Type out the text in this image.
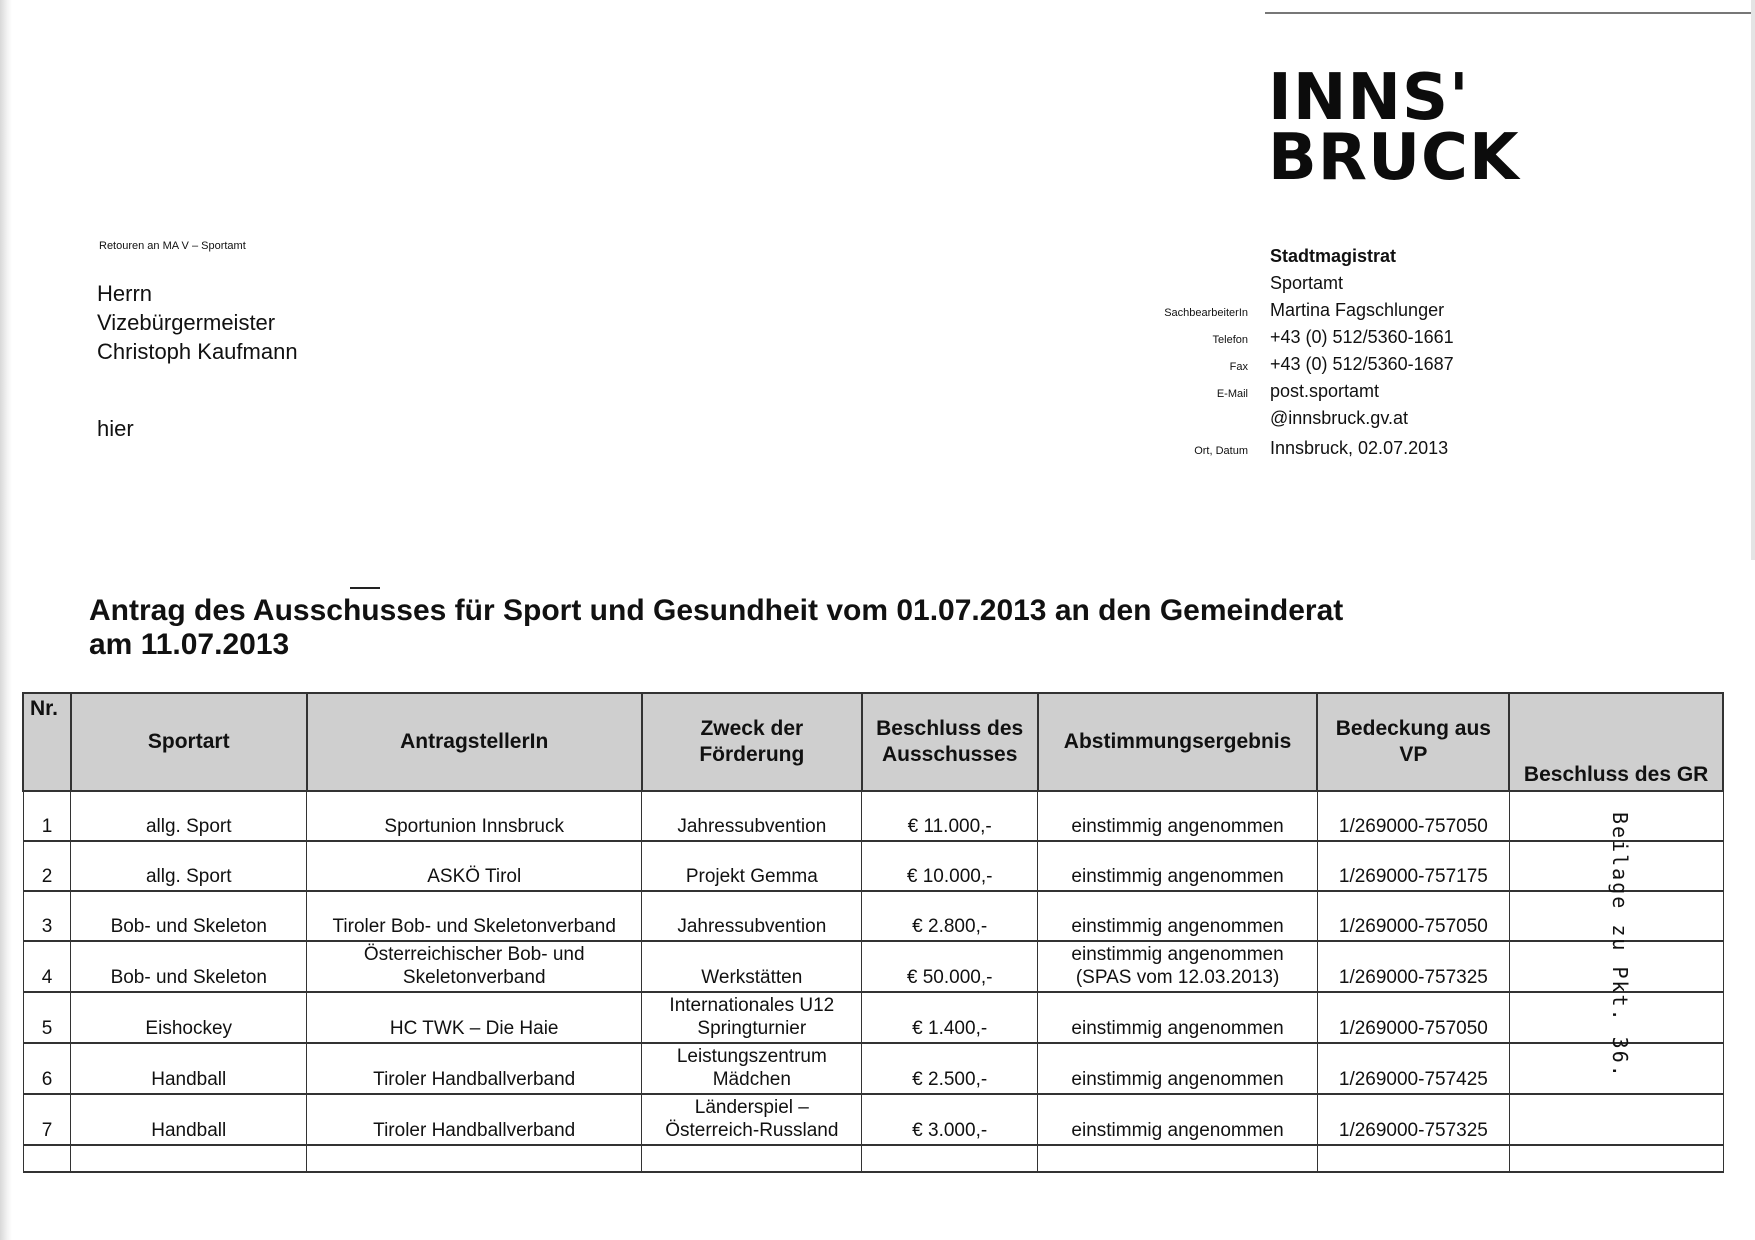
INNS'
BRUCK
Retouren an MA V – Sportamt
Herrn
Vizebürgermeister
Christoph Kaufmann
hier
Stadtmagistrat
Sportamt
SachbearbeiterIn Martina Fagschlunger
Telefon +43 (0) 512/5360-1661
Fax +43 (0) 512/5360-1687
E-Mail post.sportamt
@innsbruck.gv.at
Ort, Datum Innsbruck, 02.07.2013
Antrag des Ausschusses für Sport und Gesundheit vom 01.07.2013 an den Gemeinderat am 11.07.2013
Nr.	Sportart	AntragstellerIn	Zweck der Förderung	Beschluss des Ausschusses	Abstimmungsergebnis	Bedeckung aus VP	Beschluss des GR
1	allg. Sport	Sportunion Innsbruck	Jahressubvention	€ 11.000,-	einstimmig angenommen	1/269000-757050	
2	allg. Sport	ASKÖ Tirol	Projekt Gemma	€ 10.000,-	einstimmig angenommen	1/269000-757175	
3	Bob- und Skeleton	Tiroler Bob- und Skeletonverband	Jahressubvention	€ 2.800,-	einstimmig angenommen	1/269000-757050	
4	Bob- und Skeleton	Österreichischer Bob- und Skeletonverband	Werkstätten	€ 50.000,-	einstimmig angenommen (SPAS vom 12.03.2013)	1/269000-757325	
5	Eishockey	HC TWK – Die Haie	Internationales U12 Springturnier	€ 1.400,-	einstimmig angenommen	1/269000-757050	
6	Handball	Tiroler Handballverband	Leistungszentrum Mädchen	€ 2.500,-	einstimmig angenommen	1/269000-757425	
7	Handball	Tiroler Handballverband	Länderspiel – Österreich-Russland	€ 3.000,-	einstimmig angenommen	1/269000-757325	

Beilage zu Pkt. 36.
